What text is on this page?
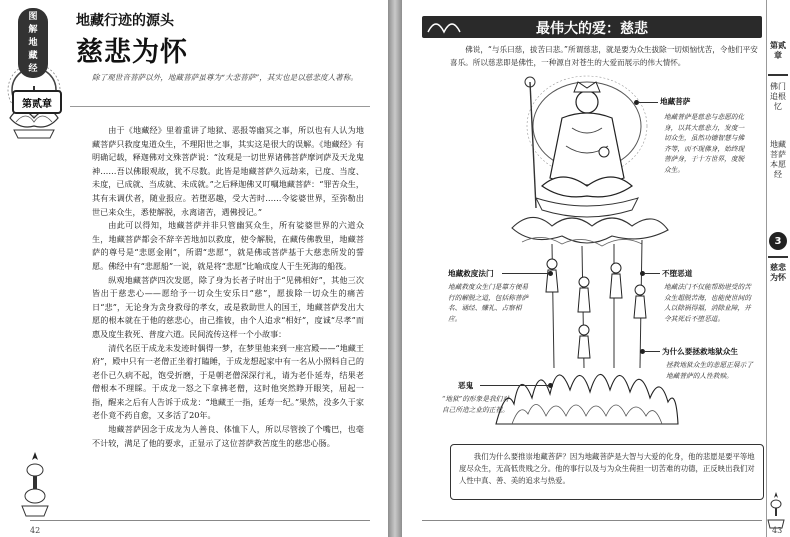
图
解
地
藏
经
第贰章
地藏行迹的源头
慈悲为怀
除了观世音菩萨以外，地藏菩萨虽尊为“大悲菩萨”，其实也是以慈悲度人著称。

由于《地藏经》里着重讲了地狱、恶报等幽冥之事，所以也有人认为地藏菩萨只救度鬼道众生，不理阳世之事，其实这是很大的误解。《地藏经》有明确记载，释迦佛对文殊菩萨说：“汝观是一切世界诸佛菩萨摩诃萨及天龙鬼神……吾以佛眼观故，犹不尽数。此皆是地藏菩萨久远劫来，已度、当度、未度，已成就、当成就、未成就。”之后释迦佛又叮嘱地藏菩萨：“罪苦众生，其有未调伏者，随业报应。若堕恶趣，受大苦时……令娑婆世界，至弥勒出世已来众生，悉使解脱，永离诸苦，遇佛授记。”

由此可以得知，地藏菩萨并非只管幽冥众生，所有娑婆世界的六道众生，地藏菩萨都会不辞辛苦地加以救度，使令解脱，在藏传佛教里，地藏菩萨的尊号是“悲愿金刚”，所谓“悲愿”，就是佛或菩萨基于大慈悲所发的誓愿。佛经中有“悲愿船”一说，就是将“悲愿”比喻成度人于生死海的船筏。

纵观地藏菩萨四次发愿，除了身为长者子时出于“见佛相好”，其他三次皆出于慈悲心——愿给予一切众生安乐日“慈”，愿拔除一切众生的痛苦日“悲”，无论身为贪身救母的孝女，或是救助世人的国王，地藏菩萨发出大愿的根本就在于他的慈悲心，由己推彼，由个人追求“相好”，度诚“尽孝”而惠及度生救死、普度六道。民间流传这样一个小故事：

清代名臣于成龙未发迹时偶得一梦，在梦里他来到一座宫殿——“地藏王府”，殿中只有一老僧正坐着打瞌睡，于成龙想起家中有一名从小照料自己的老仆已久病不起，饱受折磨，于是朝老僧深深行礼，请为老仆延寿，结果老僧根本不理睬。于成龙一怒之下拿拂老僧，这时他突然睁开眼笑，屈起一指，醒来之后有人告诉于成龙：“地藏王一指，延寿一纪。”果然，没多久于家老仆竟不药自愈，又多活了20年。

地藏菩萨因念于成龙为人善良、体恤下人，所以尽管挨了个嘴巴，也毫不计较，满足了他的要求，正显示了这位菩萨救苦度生的慈悲心肠。

42
最伟大的爱：慈悲
佛说，“与乐曰慈，拔苦曰悲。”所谓慈悲，就是要为众生拔除一切烦恼忧苦，令他们平安喜乐。所以慈悲即是佛性，一种源自对苍生的大爱而展示的伟大情怀。
地藏菩萨
地藏菩萨是慈悲与悲愿的化身，以其大慈悲力，发度一切众生，虽然功德智慧与佛齐等，而不现佛身，始终现菩萨身，于十方世界，度脱众生。
不堕恶道
地藏法门不仅能帮助堪受的苦众生超脱苦海，也能使世间的人以除祸得福，消除业障，并令其死后不堕恶道。
为什么要拯救地狱众生
拯救地狱众生的悲愿正展示了地藏菩萨的人性救赎。
地藏救度法门
地藏救度众生门是靠方便易行的解脱之道，包括称菩萨名、诵经、赚礼、占察相应。
恶鬼
“地狱”的形象是我们对自己所造之业的正视。
我们为什么要推崇地藏菩萨？因为地藏菩萨是大智与大爱的化身，他的悲愿是要平等地度尽众生，无高低贵贱之分。他的事行以及与为众生荷担一切苦难的功德，正反映出我们对人性中真、善、美的追求与热爱。
第贰章
佛门追根忆
地藏菩萨本愿经
3
慈悲为怀
43
